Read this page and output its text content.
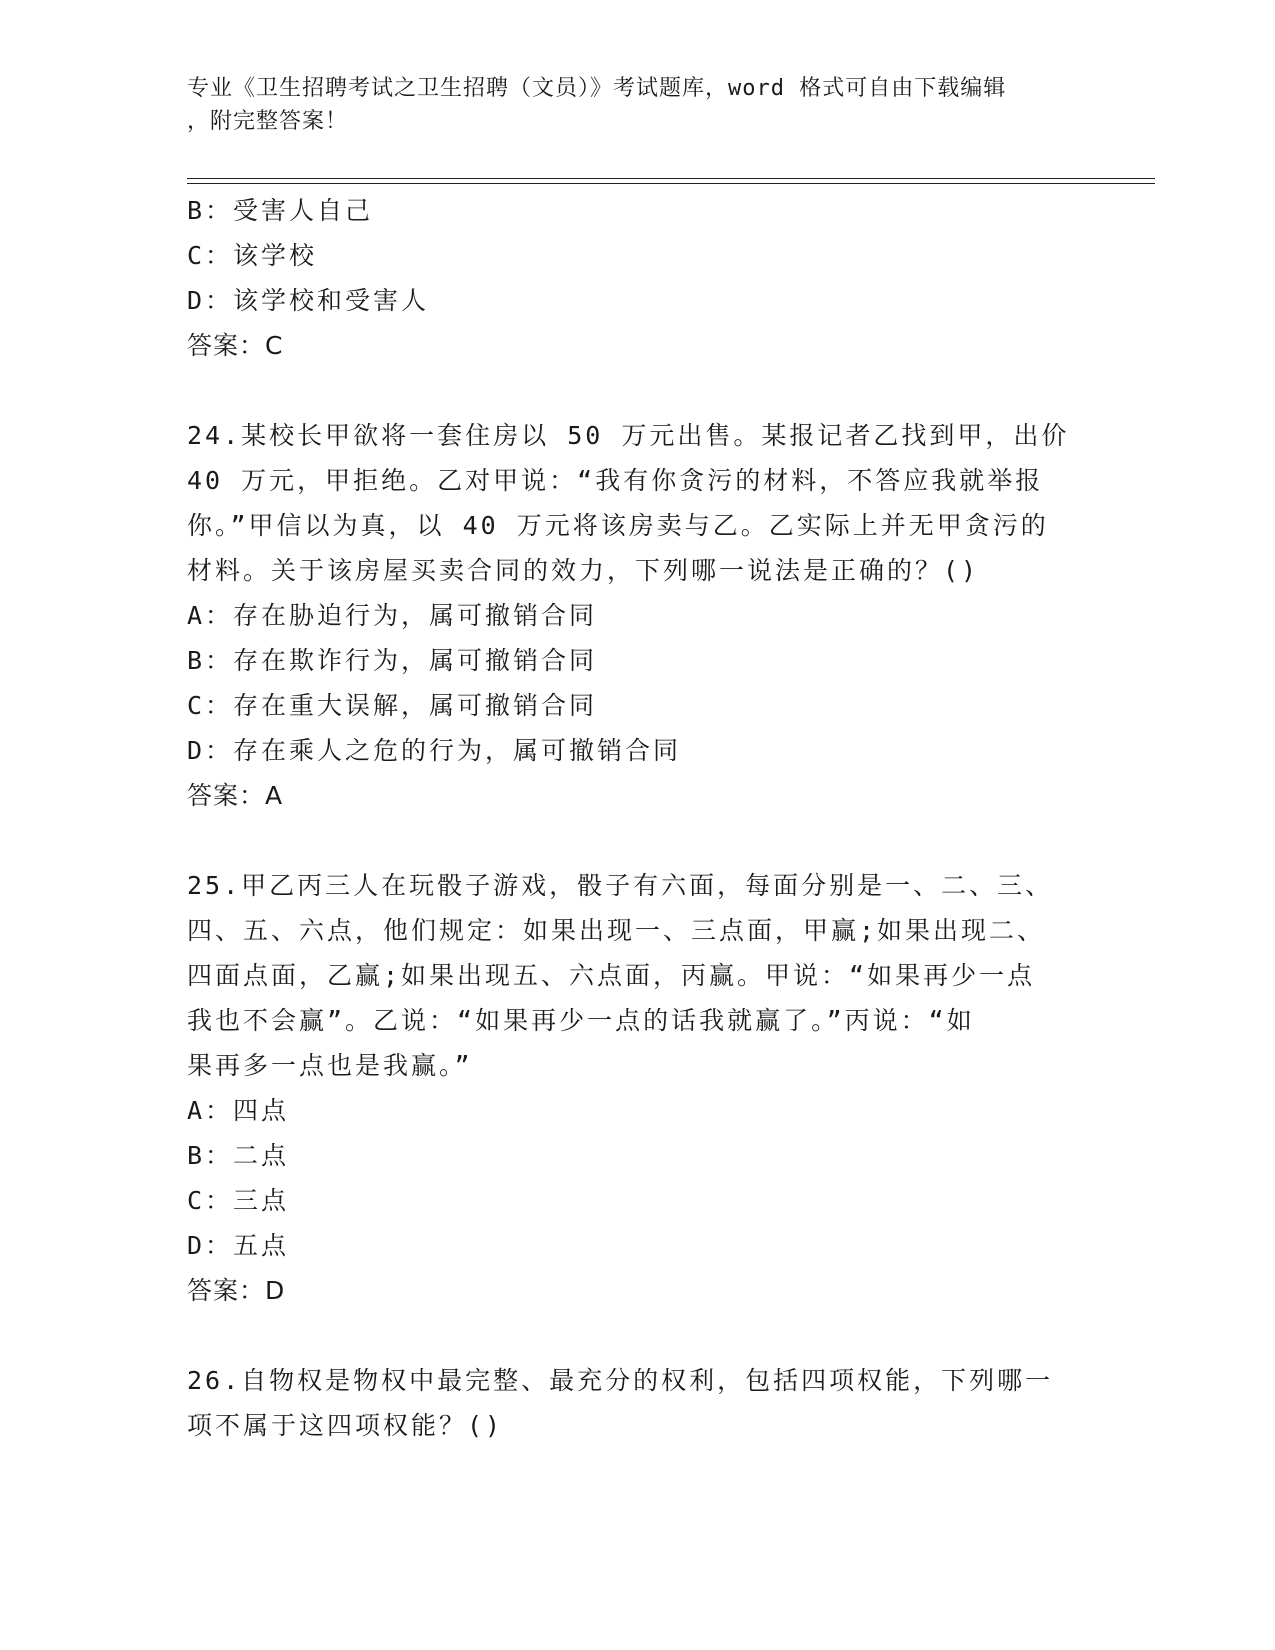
专业《卫生招聘考试之卫生招聘（文员）》考试题库，word 格式可自由下载编辑
，附完整答案！
B：受害人自己
C：该学校
D：该学校和受害人
答案：C
24.某校长甲欲将一套住房以 50 万元出售。某报记者乙找到甲，出价
40 万元，甲拒绝。乙对甲说：“我有你贪污的材料，不答应我就举报
你。”甲信以为真，以 40 万元将该房卖与乙。乙实际上并无甲贪污的
材料。关于该房屋买卖合同的效力，下列哪一说法是正确的？()
A：存在胁迫行为，属可撤销合同
B：存在欺诈行为，属可撤销合同
C：存在重大误解，属可撤销合同
D：存在乘人之危的行为，属可撤销合同
答案：A
25.甲乙丙三人在玩骰子游戏，骰子有六面，每面分别是一、二、三、
四、五、六点，他们规定：如果出现一、三点面，甲赢;如果出现二、
四面点面，乙赢;如果出现五、六点面，丙赢。甲说：“如果再少一点
我也不会赢”。乙说：“如果再少一点的话我就赢了。”丙说：“如
果再多一点也是我赢。”
A：四点
B：二点
C：三点
D：五点
答案：D
26.自物权是物权中最完整、最充分的权利，包括四项权能，下列哪一
项不属于这四项权能？()
